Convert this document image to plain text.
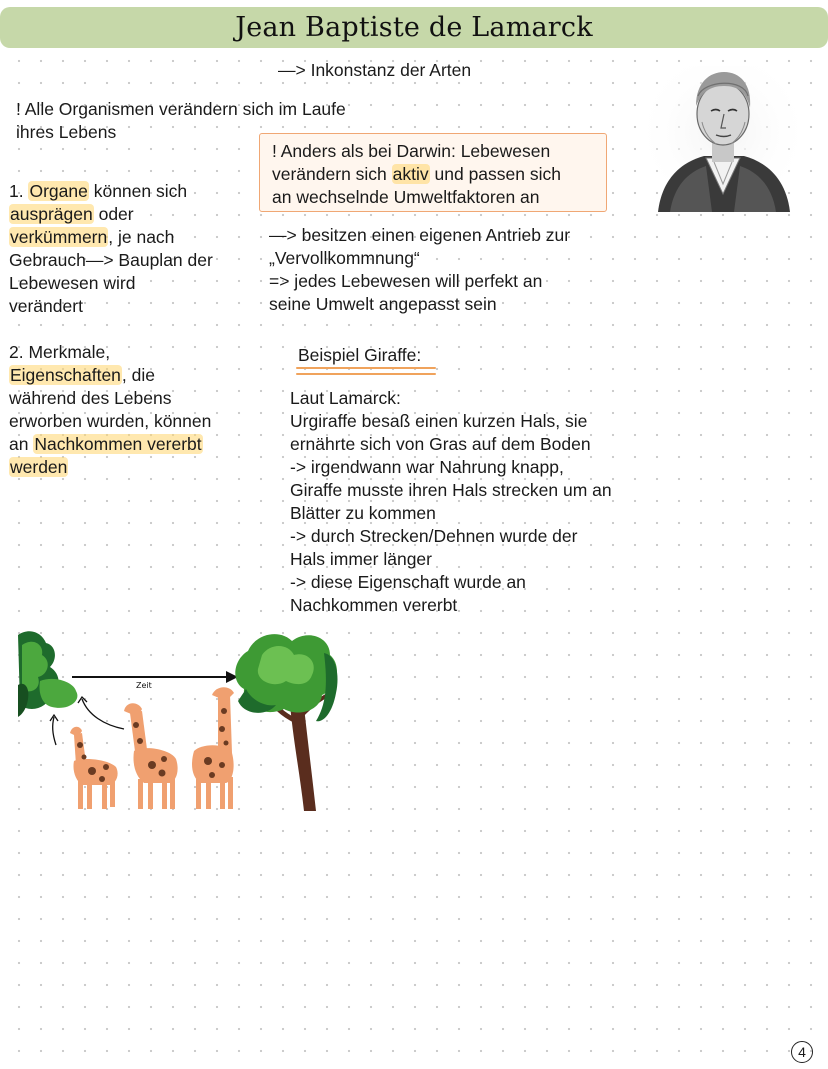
Jean Baptiste de Lamarck
—> Inkonstanz der Arten
! Alle Organismen verändern sich im Laufe
ihres Lebens
! Anders als bei Darwin: Lebewesen
verändern sich aktiv und passen sich
an wechselnde Umweltfaktoren an
1. Organe können sich
ausprägen oder
verkümmern, je nach
Gebrauch—> Bauplan der
Lebewesen wird
verändert
2. Merkmale,
Eigenschaften, die
während des Lebens
erworben wurden, können
an Nachkommen vererbt
werden
—> besitzen einen eigenen Antrieb zur
„Vervollkommnung“
=> jedes Lebewesen will perfekt an
seine Umwelt angepasst sein
Beispiel Giraffe:
Laut Lamarck:
Urgiraffe besaß einen kurzen Hals, sie
ernährte sich von Gras auf dem Boden
-> irgendwann war Nahrung knapp,
Giraffe musste ihren Hals strecken um an
Blätter zu kommen
-> durch Strecken/Dehnen wurde der
Hals immer länger
-> diese Eigenschaft wurde an
Nachkommen vererbt
Zeit
4
